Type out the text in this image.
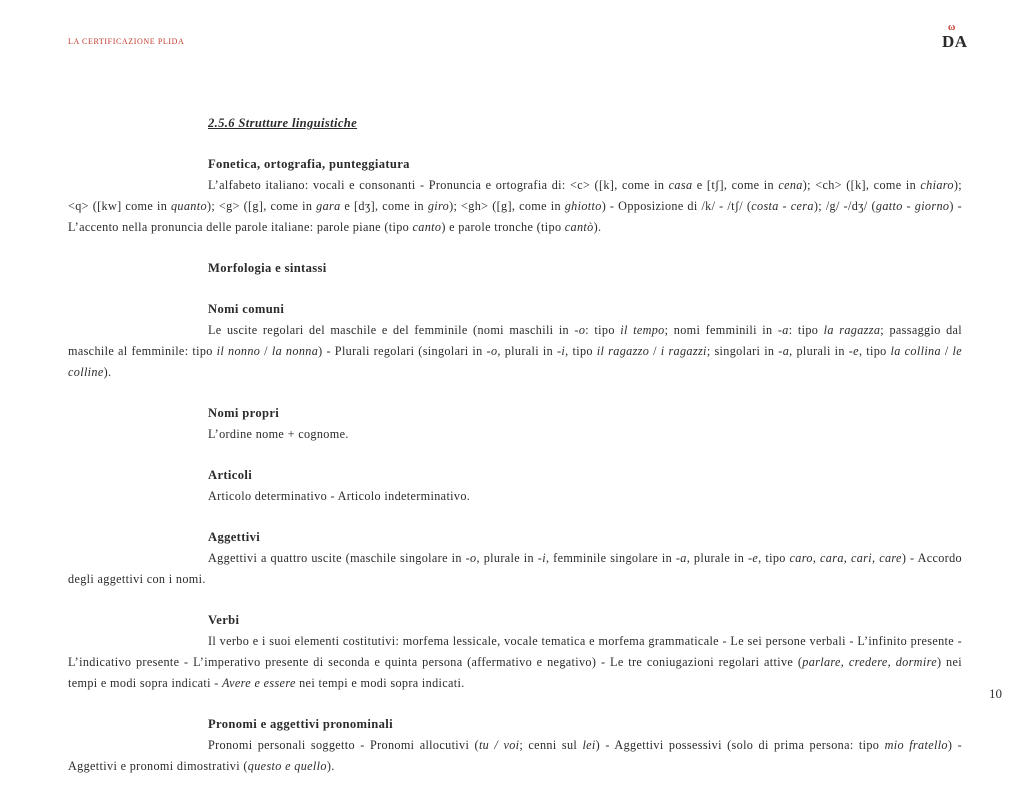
LA CERTIFICAZIONE PLIDA
ω
DA
2.5.6 Strutture linguistiche
Fonetica, ortografia, punteggiatura

L’alfabeto italiano: vocali e consonanti - Pronuncia e ortografia di: <c> ([k], come in casa e [tʃ], come in cena); <ch> ([k], come in chiaro); <q> ([kw] come in quanto); <g> ([g], come in gara e [dʒ], come in giro); <gh> ([g], come in ghiotto) - Opposizione di /k/ - /tʃ/ (costa - cera); /g/ -/dʒ/ (gatto - giorno) - L’accento nella pronuncia delle parole italiane: parole piane (tipo canto) e parole tronche (tipo cantò).

Morfologia e sintassi
Nomi comuni

Le uscite regolari del maschile e del femminile (nomi maschili in -o: tipo il tempo; nomi femminili in -a: tipo la ragazza; passaggio dal maschile al femminile: tipo il nonno / la nonna) - Plurali regolari (singolari in -o, plurali in -i, tipo il ragazzo / i ragazzi; singolari in -a, plurali in -e, tipo la collina / le colline).

Nomi propri

L’ordine nome + cognome.

Articoli

Articolo determinativo - Articolo indeterminativo.

Aggettivi

Aggettivi a quattro uscite (maschile singolare in -o, plurale in -i, femminile singolare in -a, plurale in -e, tipo caro, cara, cari, care) - Accordo degli aggettivi con i nomi.

Verbi

Il verbo e i suoi elementi costitutivi: morfema lessicale, vocale tematica e morfema grammaticale - Le sei persone verbali - L’infinito presente - L’indicativo presente - L’imperativo presente di seconda e quinta persona (affermativo e negativo) - Le tre coniugazioni regolari attive (parlare, credere, dormire) nei tempi e modi sopra indicati - Avere e essere nei tempi e modi sopra indicati.

Pronomi e aggettivi pronominali

Pronomi personali soggetto - Pronomi allocutivi (tu / voi; cenni sul lei) - Aggettivi possessivi (solo di prima persona: tipo mio fratello) - Aggettivi e pronomi dimostrativi (questo e quello).

10
